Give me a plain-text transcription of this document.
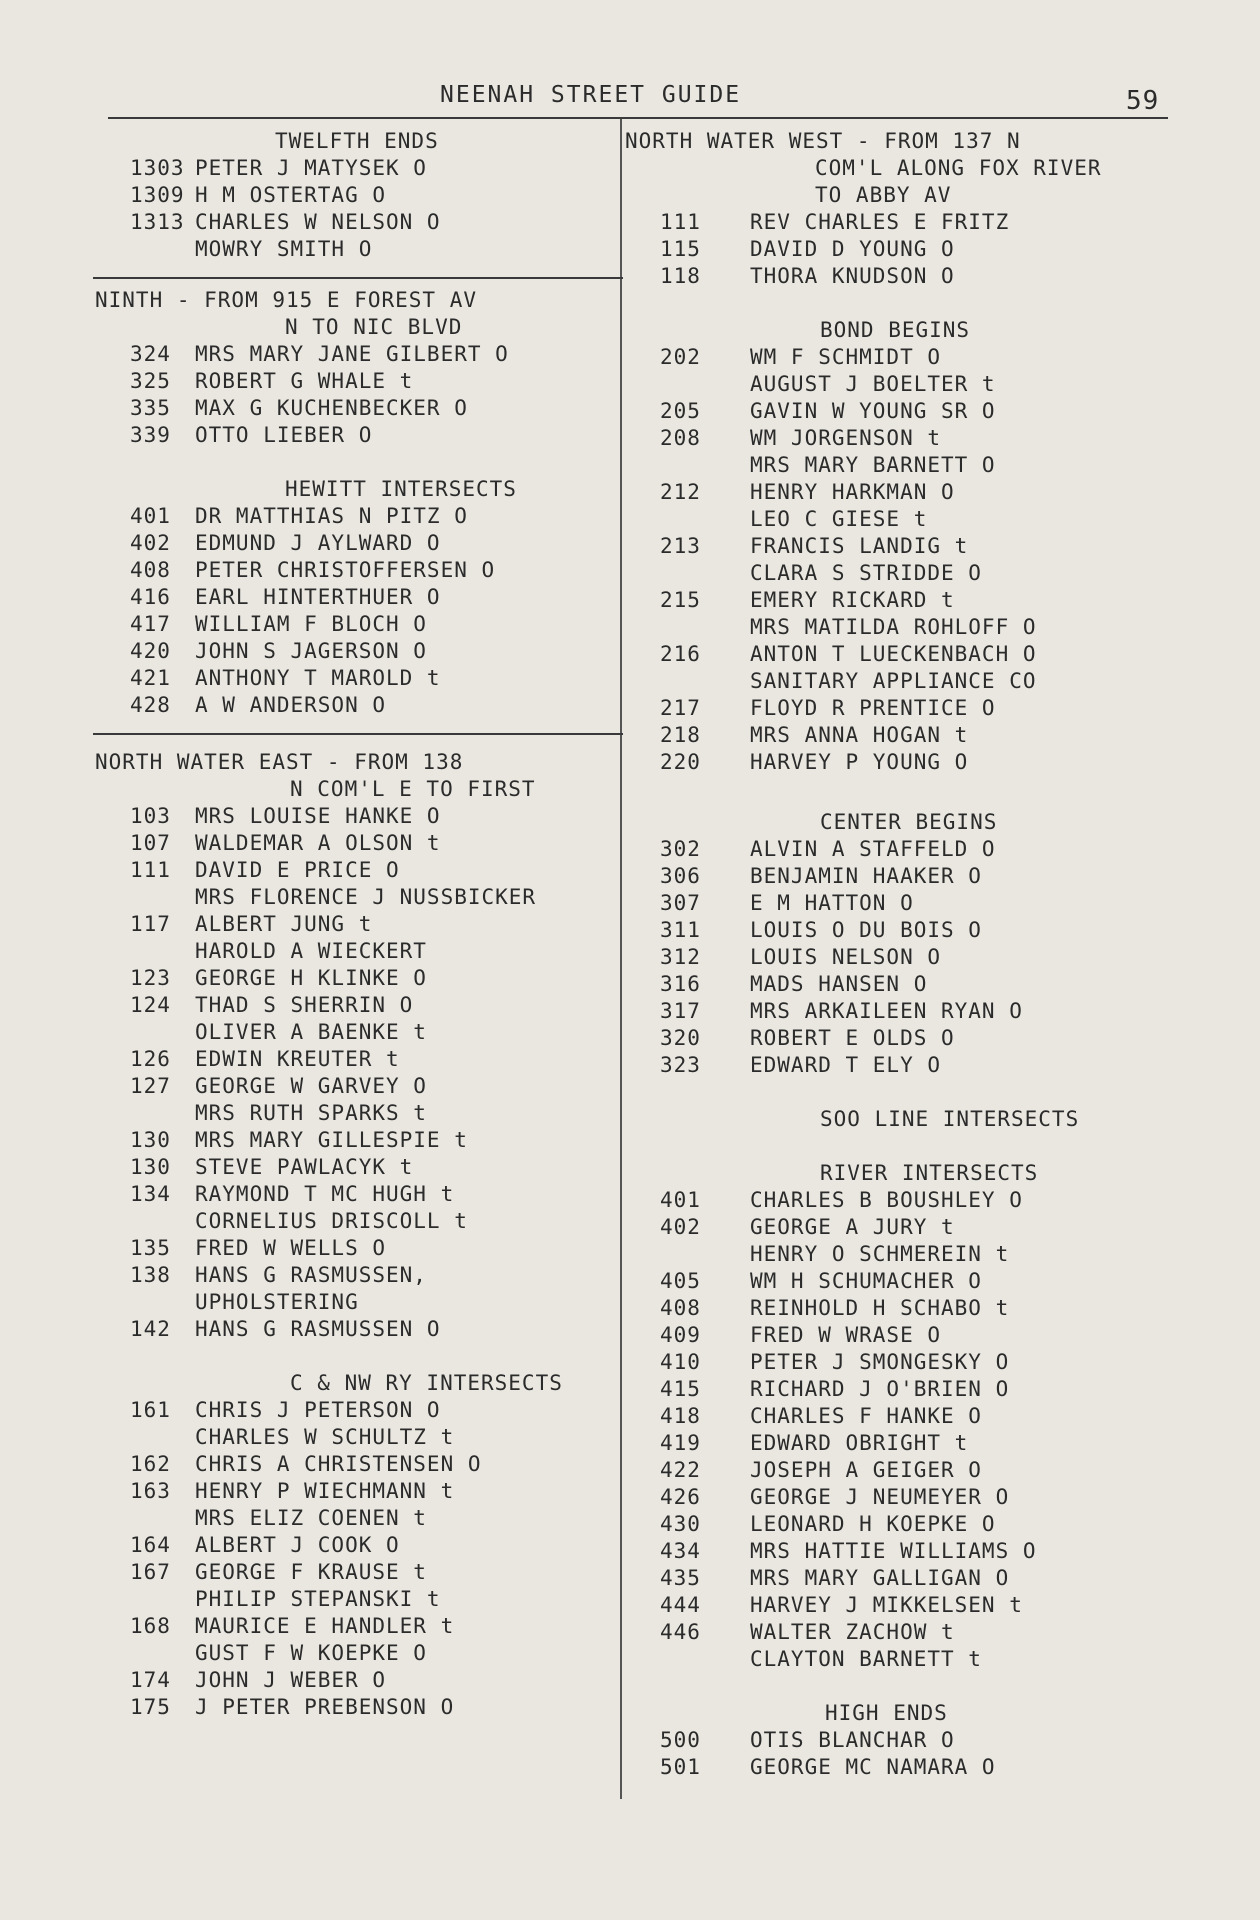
NEENAH STREET GUIDE	59
TWELFTH ENDS
1303 PETER J MATYSEK O
1309 H M OSTERTAG O
1313 CHARLES W NELSON O
MOWRY SMITH O
NINTH - FROM 915 E FOREST AV
N TO NIC BLVD
324	MRS MARY JANE GILBERT O
325	ROBERT G WHALE t
335	MAX G KUCHENBECKER O
339	OTTO LIEBER O
HEWITT INTERSECTS
401	DR MATTHIAS N PITZ O
402	EDMUND J AYLWARD O
408	PETER CHRISTOFFERSEN O
416	EARL HINTERTHUER O
417	WILLIAM F BLOCH O
420	JOHN S JAGERSON O
421	ANTHONY T MAROLD t
428	A W ANDERSON O
NORTH WATER EAST - FROM 138
N COM'L E TO FIRST
103	MRS LOUISE HANKE O
107	WALDEMAR A OLSON t
111	DAVID E PRICE O
MRS FLORENCE J NUSSBICKER
117	ALBERT JUNG t
HAROLD A WIECKERT
123	GEORGE H KLINKE O
124	THAD S SHERRIN O
OLIVER A BAENKE t
126	EDWIN KREUTER t
127	GEORGE W GARVEY O
MRS RUTH SPARKS t
130	MRS MARY GILLESPIE t
130	STEVE PAWLACYK t
134	RAYMOND T MC HUGH t
CORNELIUS DRISCOLL t
135	FRED W WELLS O
138	HANS G RASMUSSEN,
UPHOLSTERING
142	HANS G RASMUSSEN O
C & NW RY INTERSECTS
161	CHRIS J PETERSON O
CHARLES W SCHULTZ t
162	CHRIS A CHRISTENSEN O
163	HENRY P WIECHMANN t
MRS ELIZ COENEN t
164	ALBERT J COOK O
167	GEORGE F KRAUSE t
PHILIP STEPANSKI t
168	MAURICE E HANDLER t
GUST F W KOEPKE O
174	JOHN J WEBER O
175	J PETER PREBENSON O
NORTH WATER WEST - FROM 137 N
COM'L ALONG FOX RIVER
TO ABBY AV
111	REV CHARLES E FRITZ
115	DAVID D YOUNG O
118	THORA KNUDSON O
BOND BEGINS
202	WM F SCHMIDT O
AUGUST J BOELTER t
205	GAVIN W YOUNG SR O
208	WM JORGENSON t
MRS MARY BARNETT O
212	HENRY HARKMAN O
LEO C GIESE t
213	FRANCIS LANDIG t
CLARA S STRIDDE O
215	EMERY RICKARD t
MRS MATILDA ROHLOFF O
216	ANTON T LUECKENBACH O
SANITARY APPLIANCE CO
217	FLOYD R PRENTICE O
218	MRS ANNA HOGAN t
220	HARVEY P YOUNG O
CENTER BEGINS
302	ALVIN A STAFFELD O
306	BENJAMIN HAAKER O
307	E M HATTON O
311	LOUIS O DU BOIS O
312	LOUIS NELSON O
316	MADS HANSEN O
317	MRS ARKAILEEN RYAN O
320	ROBERT E OLDS O
323	EDWARD T ELY O
SOO LINE INTERSECTS
RIVER INTERSECTS
401	CHARLES B BOUSHLEY O
402	GEORGE A JURY t
HENRY O SCHMEREIN t
405	WM H SCHUMACHER O
408	REINHOLD H SCHABO t
409	FRED W WRASE O
410	PETER J SMONGESKY O
415	RICHARD J O'BRIEN O
418	CHARLES F HANKE O
419	EDWARD OBRIGHT t
422	JOSEPH A GEIGER O
426	GEORGE J NEUMEYER O
430	LEONARD H KOEPKE O
434	MRS HATTIE WILLIAMS O
435	MRS MARY GALLIGAN O
444	HARVEY J MIKKELSEN t
446	WALTER ZACHOW t
CLAYTON BARNETT t
HIGH ENDS
500	OTIS BLANCHAR O
501	GEORGE MC NAMARA O
